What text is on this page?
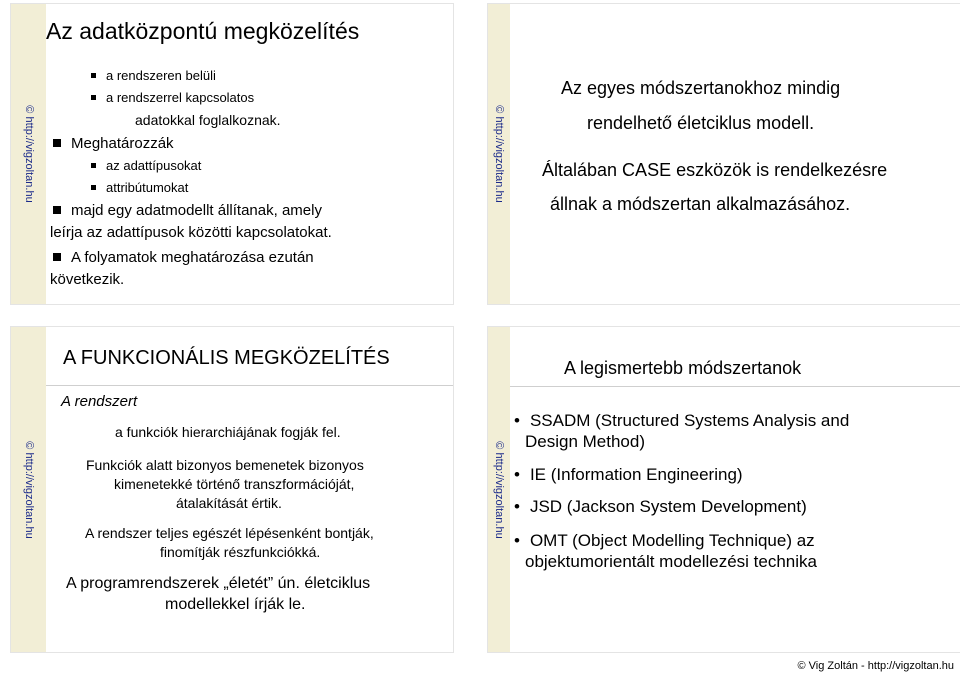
© http://vigzoltan.hu
Az adatközpontú megközelítés
a rendszeren belüli
a rendszerrel kapcsolatos
adatokkal foglalkoznak.
Meghatározzák
az adattípusokat
attribútumokat
majd egy adatmodellt állítanak, amely
leírja az adattípusok közötti kapcsolatokat.
A folyamatok meghatározása ezután
következik.
© http://vigzoltan.hu
Az egyes módszertanokhoz mindig
rendelhető életciklus modell.
Általában CASE eszközök is rendelkezésre
állnak a módszertan alkalmazásához.
© http://vigzoltan.hu
A FUNKCIONÁLIS MEGKÖZELÍTÉS
A rendszert
a funkciók hierarchiájának fogják fel.
Funkciók alatt bizonyos bemenetek bizonyos
kimenetekké történő transzformációját,
átalakítását értik.
A rendszer teljes egészét lépésenként bontják,
finomítják részfunkciókká.
A programrendszerek „életét” ún. életciklus
modellekkel írják le.
© http://vigzoltan.hu
A legismertebb módszertanok
• SSADM (Structured Systems Analysis and
Design Method)
• IE (Information Engineering)
• JSD (Jackson System Development)
• OMT (Object Modelling Technique) az
objektumorientált modellezési technika
© Vig Zoltán - http://vigzoltan.hu
